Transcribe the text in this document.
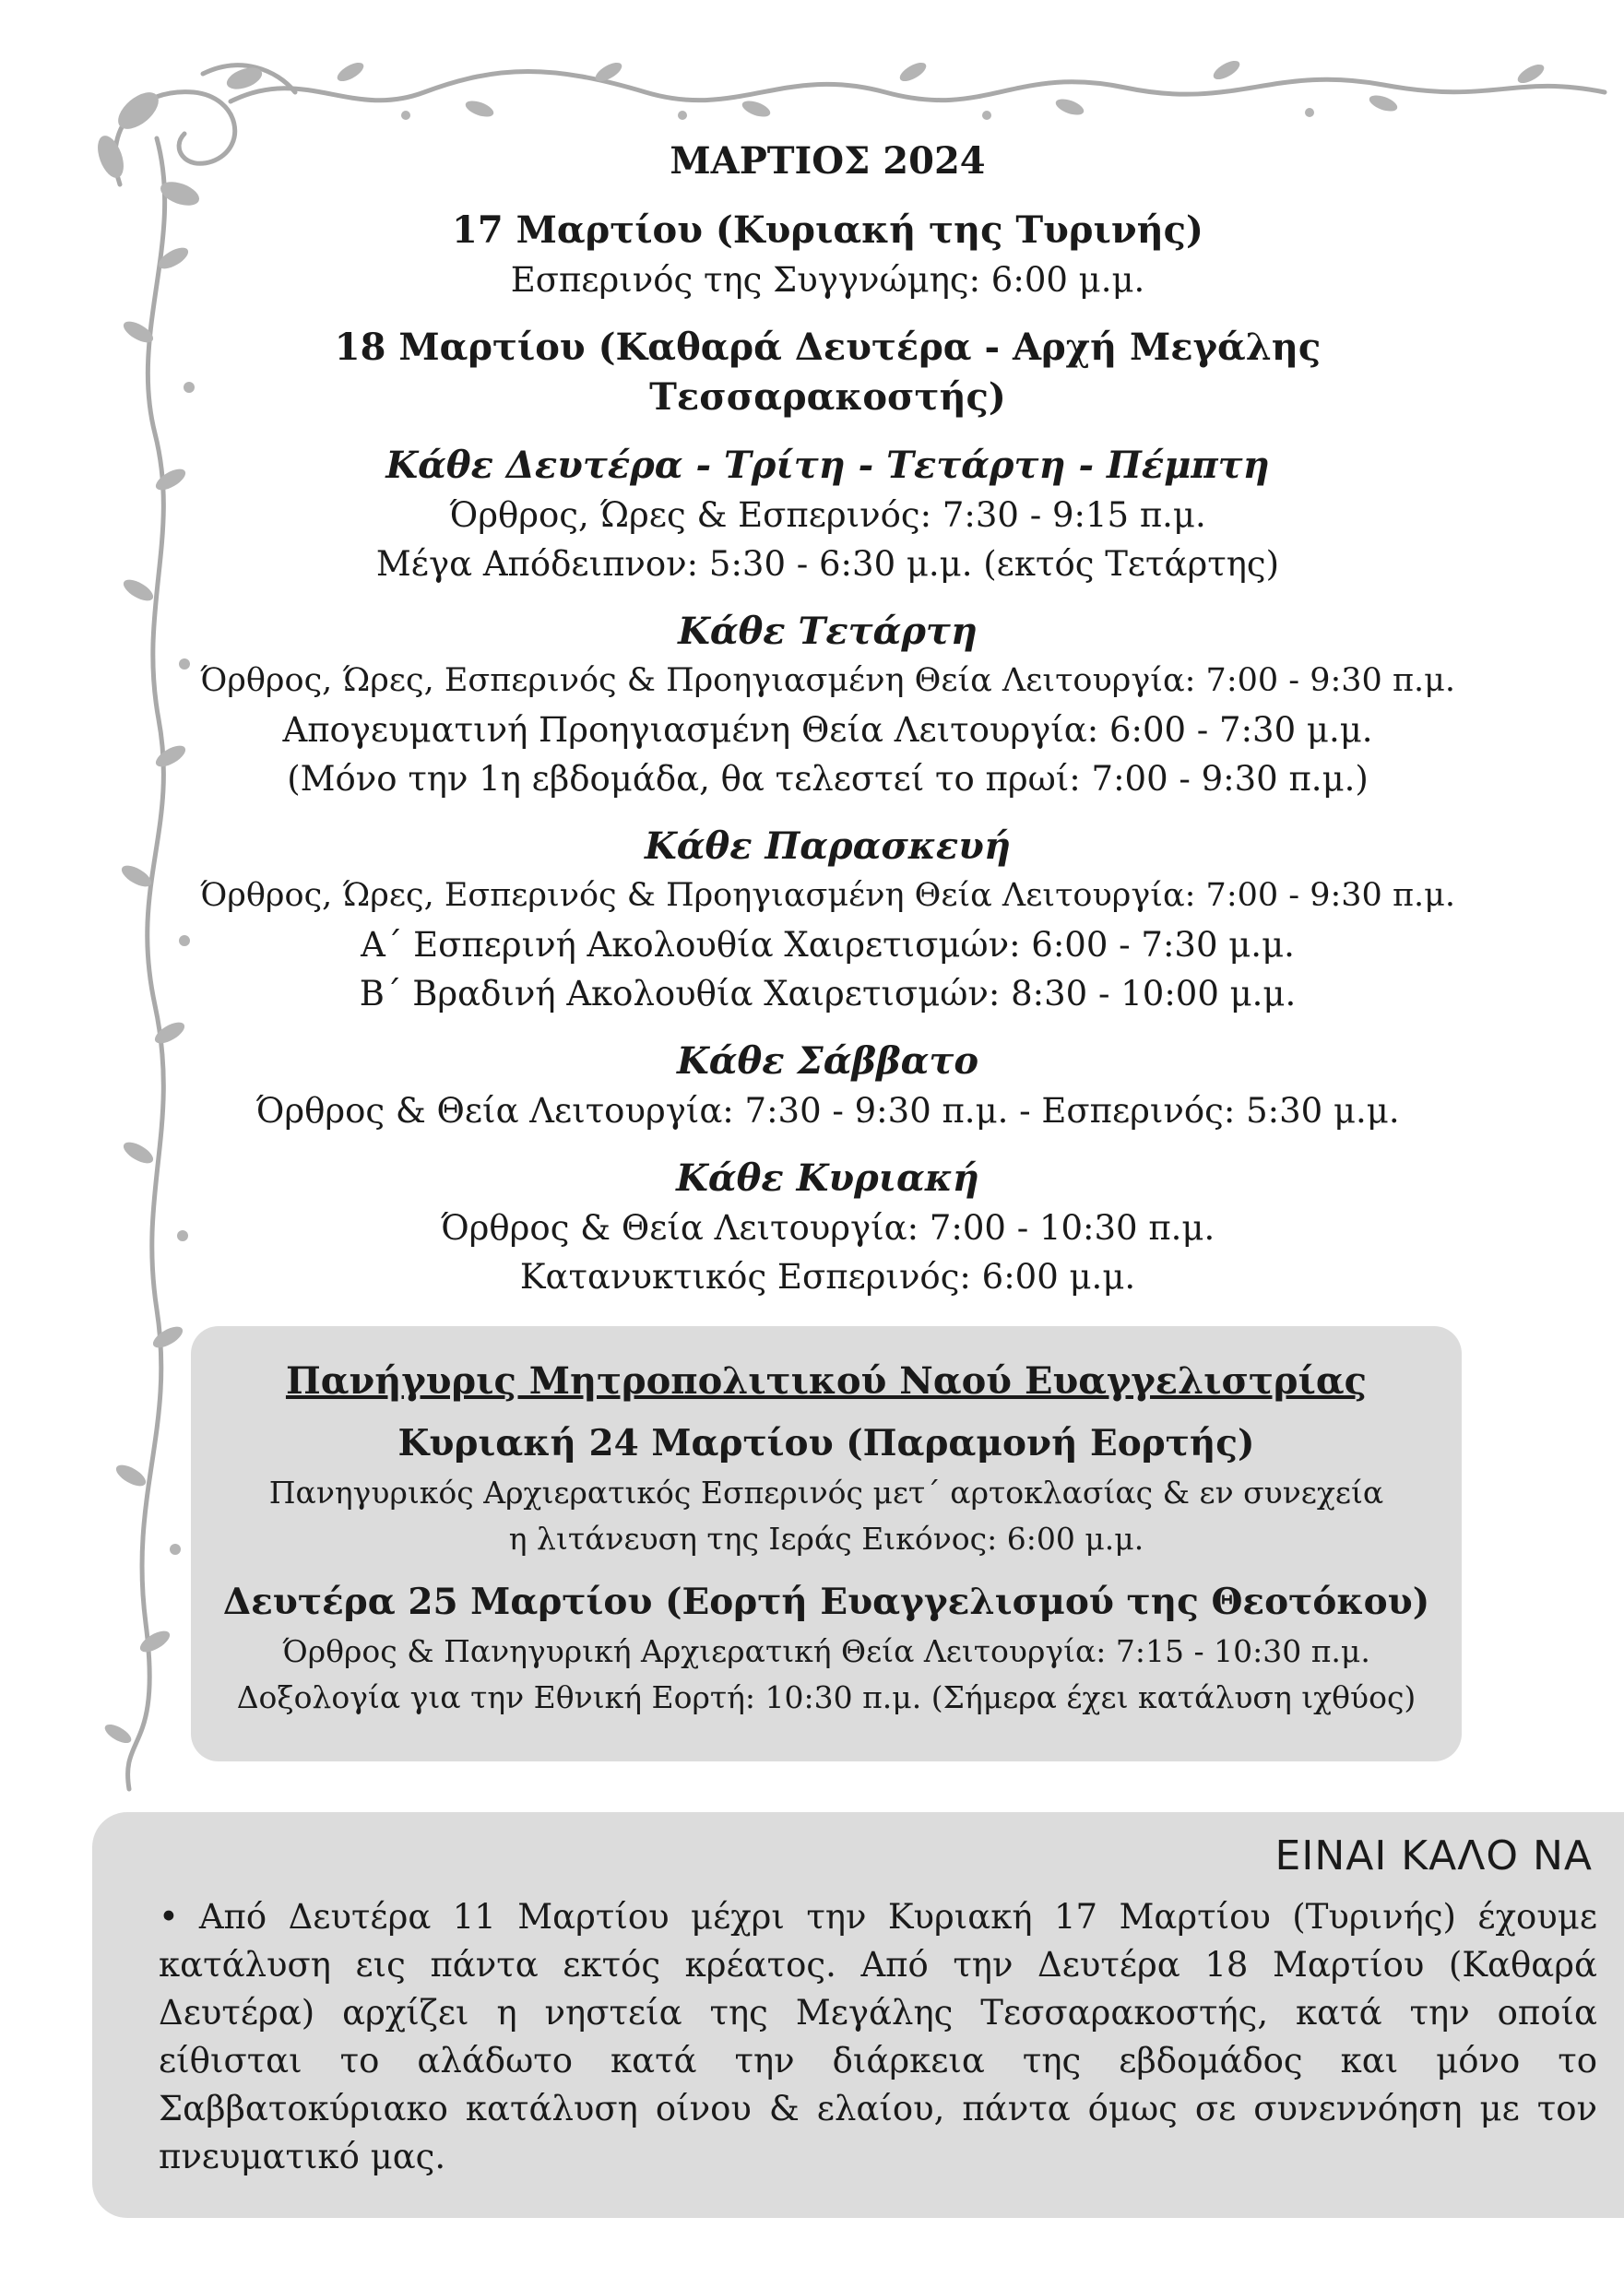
ΜΑΡΤΙΟΣ 2024
17 Μαρτίου (Κυριακή της Τυρινής)
Εσπερινός της Συγγνώμης: 6:00 μ.μ.
18 Μαρτίου (Καθαρά Δευτέρα - Αρχή Μεγάλης Τεσσαρακοστής)
Κάθε Δευτέρα - Τρίτη - Τετάρτη - Πέμπτη
Όρθρος, Ώρες & Εσπερινός: 7:30 - 9:15 π.μ.
Μέγα Απόδειπνον: 5:30 - 6:30 μ.μ. (εκτός Τετάρτης)
Κάθε Τετάρτη
Όρθρος, Ώρες, Εσπερινός & Προηγιασμένη Θεία Λειτουργία: 7:00 - 9:30 π.μ.
Απογευματινή Προηγιασμένη Θεία Λειτουργία: 6:00 - 7:30 μ.μ.
(Μόνο την 1η εβδομάδα, θα τελεστεί το πρωί: 7:00 - 9:30 π.μ.)
Κάθε Παρασκευή
Όρθρος, Ώρες, Εσπερινός & Προηγιασμένη Θεία Λειτουργία: 7:00 - 9:30 π.μ.
Α΄ Εσπερινή Ακολουθία Χαιρετισμών: 6:00 - 7:30 μ.μ.
Β΄ Βραδινή Ακολουθία Χαιρετισμών: 8:30 - 10:00 μ.μ.
Κάθε Σάββατο
Όρθρος & Θεία Λειτουργία: 7:30 - 9:30 π.μ. - Εσπερινός: 5:30 μ.μ.
Κάθε Κυριακή
Όρθρος & Θεία Λειτουργία: 7:00 - 10:30 π.μ.
Κατανυκτικός Εσπερινός: 6:00 μ.μ.
Πανήγυρις Μητροπολιτικού Ναού Ευαγγελιστρίας
Κυριακή 24 Μαρτίου (Παραμονή Εορτής)
Πανηγυρικός Αρχιερατικός Εσπερινός μετ΄ αρτοκλασίας & εν συνεχεία
η λιτάνευση της Ιεράς Εικόνος: 6:00 μ.μ.
Δευτέρα 25 Μαρτίου (Εορτή Ευαγγελισμού της Θεοτόκου)
Όρθρος & Πανηγυρική Αρχιερατική Θεία Λειτουργία: 7:15 - 10:30 π.μ.
Δοξολογία για την Εθνική Εορτή: 10:30 π.μ. (Σήμερα έχει κατάλυση ιχθύος)
ΕΙΝΑΙ ΚΑΛΟ ΝΑ
• Από Δευτέρα 11 Μαρτίου μέχρι την Κυριακή 17 Μαρτίου (Τυρινής) έχουμε κατάλυση εις πάντα εκτός κρέατος. Από την Δευτέρα 18 Μαρτίου (Καθαρά Δευτέρα) αρχίζει η νηστεία της Μεγάλης Τεσσαρακοστής, κατά την οποία είθισται το αλάδωτο κατά την διάρκεια της εβδομάδος και μόνο το Σαββατοκύριακο κατάλυση οίνου & ελαίου, πάντα όμως σε συνεννόηση με τον πνευματικό μας.
